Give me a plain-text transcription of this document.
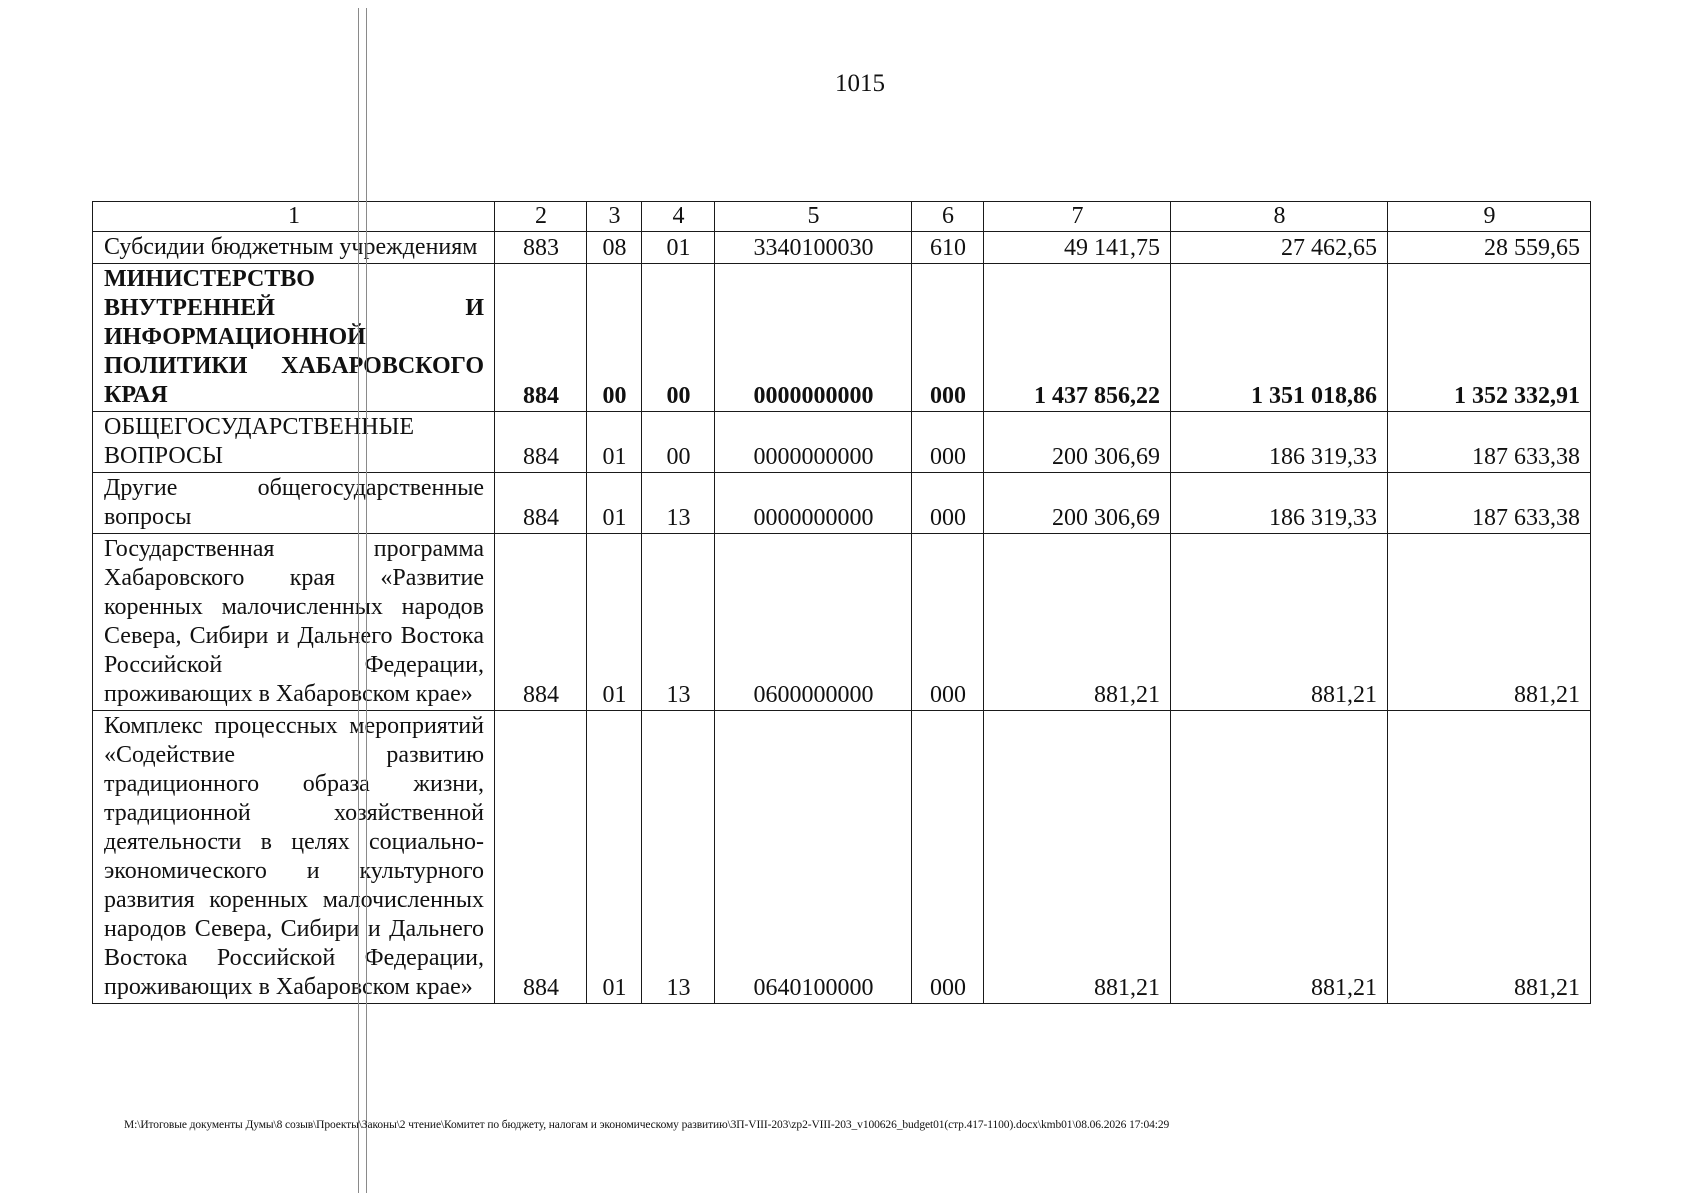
1015
1	2	3	4	5	6	7	8	9
Субсидии бюджетным учреждениям	883	08	01	3340100030	610	49 141,75	27 462,65	28 559,65
МИНИСТЕРСТВО ВНУТРЕННЕЙ И ИНФОРМАЦИОННОЙ ПОЛИТИКИ ХАБАРОВСКОГО КРАЯ	884	00	00	0000000000	000	1 437 856,22	1 351 018,86	1 352 332,91
ОБЩЕГОСУДАРСТВЕННЫЕ ВОПРОСЫ	884	01	00	0000000000	000	200 306,69	186 319,33	187 633,38
Другие общегосударственные вопросы	884	01	13	0000000000	000	200 306,69	186 319,33	187 633,38
Государственная программа Хабаровского края «Развитие коренных малочисленных народов Севера, Сибири и Дальнего Востока Российской Федерации, проживающих в Хабаровском крае»	884	01	13	0600000000	000	881,21	881,21	881,21
Комплекс процессных мероприятий «Содействие развитию традиционного образа жизни, традиционной хозяйственной деятельности в целях социально-экономического и культурного развития коренных малочисленных народов Севера, Сибири и Дальнего Востока Российской Федерации, проживающих в Хабаровском крае»	884	01	13	0640100000	000	881,21	881,21	881,21
M:\Итоговые документы Думы\8 созыв\Проекты\Законы\2 чтение\Комитет по бюджету, налогам и экономическому развитию\3П-VIII-203\zp2-VIII-203_v100626_budget01(стр.417-1100).docx\kmb01\08.06.2026 17:04:29
